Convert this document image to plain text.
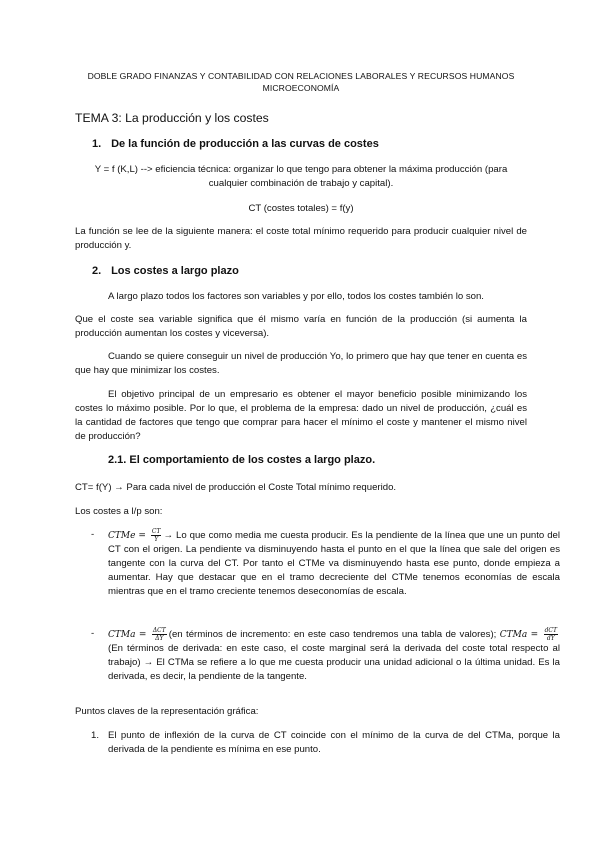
DOBLE GRADO FINANZAS Y CONTABILIDAD CON RELACIONES LABORALES Y RECURSOS HUMANOS
MICROECONOMÍA

TEMA 3: La producción y los costes

1. De la función de producción a las curvas de costes

Y = f (K,L) --> eficiencia técnica: organizar lo que tengo para obtener la máxima producción (para
cualquier combinación de trabajo y capital).

CT (costes totales) = f(y)

La función se lee de la siguiente manera: el coste total mínimo requerido para producir cualquier nivel de producción y.

2. Los costes a largo plazo

A largo plazo todos los factores son variables y por ello, todos los costes también lo son.

Que el coste sea variable significa que él mismo varía en función de la producción (si aumenta la producción aumentan los costes y viceversa).

Cuando se quiere conseguir un nivel de producción Yo, lo primero que hay que tener en cuenta es que hay que minimizar los costes.

El objetivo principal de un empresario es obtener el mayor beneficio posible minimizando los costes lo máximo posible. Por lo que, el problema de la empresa: dado un nivel de producción, ¿cuál es la cantidad de factores que tengo que comprar para hacer el mínimo el coste y mantener el mismo nivel de producción?

2.1. El comportamiento de los costes a largo plazo.

CT= f(Y) → Para cada nivel de producción el Coste Total mínimo requerido.

Los costes a l/p son:

- CTMe = $\frac{CT}{Y} \to Lo$ que como media me cuesta producir. Es la pendiente de la línea que une un punto del CT con el origen. La pendiente va disminuyendo hasta el punto en el que la línea que sale del origen es tangente con la curva del CT. Por tanto el CTMe va disminuyendo hasta ese punto, donde empieza a aumentar. Hay que destacar que en el tramo decreciente del CTMe tenemos economías de escala mientras que en el tramo creciente tenemos deseconomías de escala.
- CTMa = $\frac{\text{ΔCT}}{\Delta Y} (en$ términos de incremento: en este caso tendremos una tabla de valores); CTMa = $\frac{\text{dCT}}{dY}$
(En términos de derivada: en este caso, el coste marginal será la derivada del coste total respecto al trabajo) → El CTMa se refiere a lo que me cuesta producir una unidad adicional o la última unidad. Es la derivada, es decir, la pendiente de la tangente.

Puntos claves de la representación gráfica:

1. El punto de inflexión de la curva de CT coincide con el mínimo de la curva de del CTMa, porque la derivada de la pendiente es mínima en ese punto.
